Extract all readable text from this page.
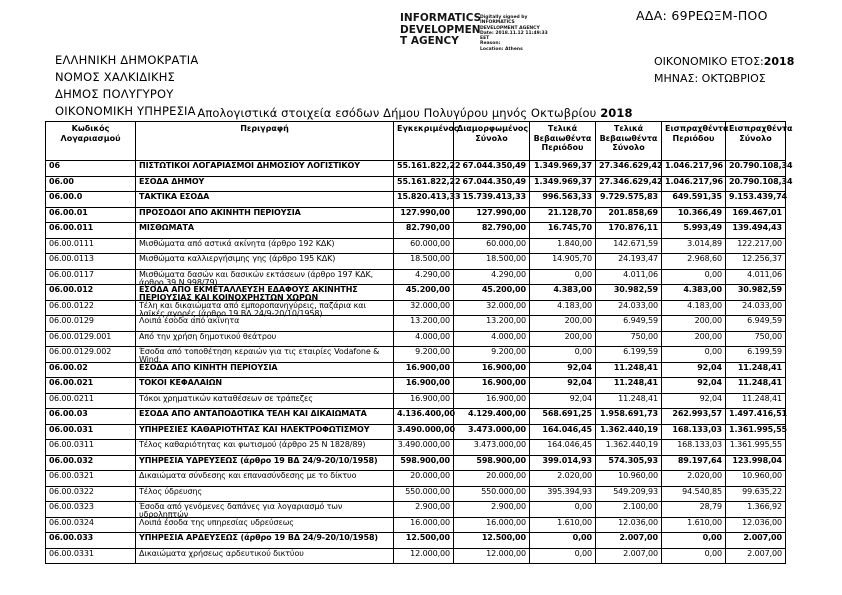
ΑΔΑ: 69ΡΕΩΞΜ-ΠΟΟ
INFORMATICS
DEVELOPMEN
T AGENCY
Digitally signed by
INFORMATICS
DEVELOPMENT AGENCY
Date: 2018.11.12 11:49:33
EET
Reason:
Location: Athens
ΕΛΛΗΝΙΚΗ ΔΗΜΟΚΡΑΤΙΑ
ΝΟΜΟΣ ΧΑΛΚΙΔΙΚΗΣ
ΔΗΜΟΣ ΠΟΛΥΓΥΡΟΥ
ΟΙΚΟΝΟΜΙΚΗ ΥΠΗΡΕΣΙΑ
ΟΙΚΟΝΟΜΙΚΟ ΕΤΟΣ:2018
ΜΗΝΑΣ: ΟΚΤΩΒΡΙΟΣ
Απολογιστικά στοιχεία εσόδων Δήμου Πολυγύρου μηνός Οκτωβρίου 2018
Κωδικός Λογαριασμού	Περιγραφή	Εγκεκριμένος	Διαμορφωμένος Σύνολο	Τελικά Βεβαιωθέντα Περιόδου	Τελικά Βεβαιωθέντα Σύνολο	Εισπραχθέντα Περιόδου	Εισπραχθέντα Σύνολο

06	ΠΙΣΤΩΤΙΚΟΙ ΛΟΓΑΡΙΑΣΜΟΙ ΔΗΜΟΣΙΟΥ ΛΟΓΙΣΤΙΚΟΥ	55.161.822,22	67.044.350,49	1.349.969,37	27.346.629,42	1.046.217,96	20.790.108,34

06.00	ΕΣΟΔΑ ΔΗΜΟΥ	55.161.822,22	67.044.350,49	1.349.969,37	27.346.629,42	1.046.217,96	20.790.108,34

06.00.0	ΤΑΚΤΙΚΑ ΕΣΟΔΑ	15.820.413,33	15.739.413,33	996.563,33	9.729.575,83	649.591,35	9.153.439,74

06.00.01	ΠΡΟΣΟΔΟΙ ΑΠΟ ΑΚΙΝΗΤΗ ΠΕΡΙΟΥΣΙΑ	127.990,00	127.990,00	21.128,70	201.858,69	10.366,49	169.467,01

06.00.011	ΜΙΣΘΩΜΑΤΑ	82.790,00	82.790,00	16.745,70	170.876,11	5.993,49	139.494,43

06.00.0111	Μισθώματα από αστικά ακίνητα (άρθρο 192 ΚΔΚ)	60.000,00	60.000,00	1.840,00	142.671,59	3.014,89	122.217,00

06.00.0113	Μισθώματα καλλιεργήσιμης γης (άρθρο 195 ΚΔΚ)	18.500,00	18.500,00	14.905,70	24.193,47	2.968,60	12.256,37

06.00.0117	Μισθώματα δασών και δασικών εκτάσεων (άρθρο 197 ΚΔΚ, άρθρο 39 Ν 998/79)	4.290,00	4.290,00	0,00	4.011,06	0,00	4.011,06

06.00.012	ΕΣΟΔΑ ΑΠΟ ΕΚΜΕΤΑΛΛΕΥΣΗ ΕΔΑΦΟΥΣ ΑΚΙΝΗΤΗΣ ΠΕΡΙΟΥΣΙΑΣ ΚΑΙ ΚΟΙΝΟΧΡΗΣΤΩΝ ΧΩΡΩΝ	45.200,00	45.200,00	4.383,00	30.982,59	4.383,00	30.982,59

06.00.0122	Τέλη και δικαιώματα από εμποροπανηγύρεις, παζάρια και λαϊκές αγορές (άρθρο 19 ΒΔ 24/9-20/10/1958)	32.000,00	32.000,00	4.183,00	24.033,00	4.183,00	24.033,00

06.00.0129	Λοιπά έσοδα από ακίνητα	13.200,00	13.200,00	200,00	6.949,59	200,00	6.949,59

06.00.0129.001	Από την χρήση δημοτικού θεάτρου	4.000,00	4.000,00	200,00	750,00	200,00	750,00

06.00.0129.002	Έσοδα από τοποθέτηση κεραιών για τις εταιρίες Vodafone & Wind.	9.200,00	9.200,00	0,00	6.199,59	0,00	6.199,59

06.00.02	ΕΣΟΔΑ ΑΠΟ ΚΙΝΗΤΗ ΠΕΡΙΟΥΣΙΑ	16.900,00	16.900,00	92,04	11.248,41	92,04	11.248,41

06.00.021	ΤΟΚΟΙ ΚΕΦΑΛΑΙΩΝ	16.900,00	16.900,00	92,04	11.248,41	92,04	11.248,41

06.00.0211	Τόκοι χρηματικών καταθέσεων σε τράπεζες	16.900,00	16.900,00	92,04	11.248,41	92,04	11.248,41

06.00.03	ΕΣΟΔΑ ΑΠΟ ΑΝΤΑΠΟΔΟΤΙΚΑ ΤΕΛΗ ΚΑΙ ΔΙΚΑΙΩΜΑΤΑ	4.136.400,00	4.129.400,00	568.691,25	1.958.691,73	262.993,57	1.497.416,51

06.00.031	ΥΠΗΡΕΣΙΕΣ ΚΑΘΑΡΙΟΤΗΤΑΣ ΚΑΙ ΗΛΕΚΤΡΟΦΩΤΙΣΜΟΥ	3.490.000,00	3.473.000,00	164.046,45	1.362.440,19	168.133,03	1.361.995,55

06.00.0311	Τέλος καθαριότητας και φωτισμού (άρθρο 25 Ν 1828/89)	3.490.000,00	3.473.000,00	164.046,45	1.362.440,19	168.133,03	1.361.995,55

06.00.032	ΥΠΗΡΕΣΙΑ ΥΔΡΕΥΣΕΩΣ (άρθρο 19 ΒΔ 24/9-20/10/1958)	598.900,00	598.900,00	399.014,93	574.305,93	89.197,64	123.998,04

06.00.0321	Δικαιώματα σύνδεσης και επανασύνδεσης με το δίκτυο	20.000,00	20.000,00	2.020,00	10.960,00	2.020,00	10.960,00

06.00.0322	Τέλος ύδρευσης	550.000,00	550.000,00	395.394,93	549.209,93	94.540,85	99.635,22

06.00.0323	Έσοδα από γενόμενες δαπάνες για λογαριασμό των υδροληπτών	2.900,00	2.900,00	0,00	2.100,00	28,79	1.366,92

06.00.0324	Λοιπά έσοδα της υπηρεσίας υδρεύσεως	16.000,00	16.000,00	1.610,00	12.036,00	1.610,00	12.036,00

06.00.033	ΥΠΗΡΕΣΙΑ ΑΡΔΕΥΣΕΩΣ (άρθρο 19 ΒΔ 24/9-20/10/1958)	12.500,00	12.500,00	0,00	2.007,00	0,00	2.007,00

06.00.0331	Δικαιώματα χρήσεως αρδευτικού δικτύου	12.000,00	12.000,00	0,00	2.007,00	0,00	2.007,00
